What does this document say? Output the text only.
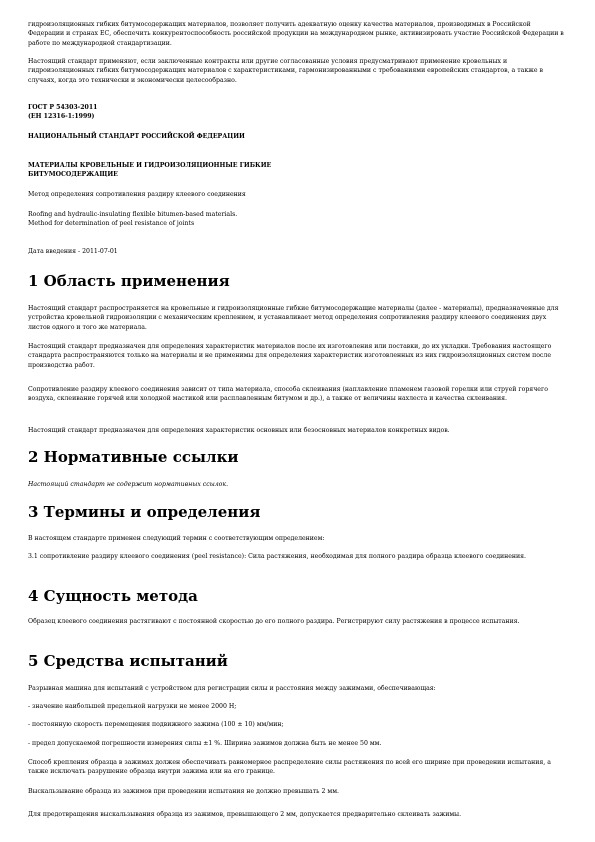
гидроизоляционных гибких битумосодержащих материалов, позволяет получить адекватную оценку качества материалов, производимых в Российской Федерации и странах ЕС, обеспечить конкурентоспособность российской продукции на международном рынке, активизировать участие Российской Федерации в работе по международной стандартизации.

Настоящий стандарт применяют, если заключенные контракты или другие согласованные условия предусматривают применение кровельных и гидроизоляционных гибких битумосодержащих материалов с характеристиками, гармонизированными с требованиями европейских стандартов, а также в случаях, когда это технически и экономически целесообразно.

ГОСТ Р 54303-2011

(ЕН 12316-1:1999)

НАЦИОНАЛЬНЫЙ СТАНДАРТ РОССИЙСКОЙ ФЕДЕРАЦИИ

МАТЕРИАЛЫ КРОВЕЛЬНЫЕ И ГИДРОИЗОЛЯЦИОННЫЕ ГИБКИЕ

БИТУМОСОДЕРЖАЩИЕ

Метод определения сопротивления раздиру клеевого соединения

Roofing and hydraulic-insulating flexible bitumen-based materials.

Method for determination of peel resistance of joints

Дата введения - 2011-07-01

1 Область применения

Настоящий стандарт распространяется на кровельные и гидроизоляционные гибкие битумосодержащие материалы (далее - материалы), предназначенные для устройства кровельной гидроизоляции с механическим креплением, и устанавливает метод определения сопротивления раздиру клеевого соединения двух листов одного и того же материала.

Настоящий стандарт предназначен для определения характеристик материалов после их изготовления или поставки, до их укладки. Требования настоящего стандарта распространяются только на материалы и не применимы для определения характеристик изготовленных из них гидроизоляционных систем после производства работ.

Сопротивление раздиру клеевого соединения зависит от типа материала, способа склеивания (наплавление пламенем газовой горелки или струей горячего воздуха, склеивание горячей или холодной мастикой или расплавленным битумом и др.), а также от величины нахлеста и качества склеивания.

Настоящий стандарт предназначен для определения характеристик основных или безосновных материалов конкретных видов.

2 Нормативные ссылки

Настоящий стандарт не содержит нормативных ссылок.

3 Термины и определения

В настоящем стандарте применен следующий термин с соответствующим определением:

3.1 сопротивление раздиру клеевого соединения (peel resistance): Сила растяжения, необходимая для полного раздира образца клеевого соединения.

4 Сущность метода

Образец клеевого соединения растягивают с постоянной скоростью до его полного раздира. Регистрируют силу растяжения в процессе испытания.

5 Средства испытаний

Разрывная машина для испытаний с устройством для регистрации силы и расстояния между зажимами, обеспечивающая:

- значение наибольшей предельной нагрузки не менее 2000 Н;

- постоянную скорость перемещения подвижного зажима (100 ± 10) мм/мин;

- предел допускаемой погрешности измерения силы ±1 %. Ширина зажимов должна быть не менее 50 мм.

Способ крепления образца в зажимах должен обеспечивать равномерное распределение силы растяжения по всей его ширине при проведении испытания, а также исключать разрушение образца внутри зажима или на его границе.

Выскальзывание образца из зажимов при проведении испытания не должно превышать 2 мм.

Для предотвращения выскальзывания образца из зажимов, превышающего 2 мм, допускается предварительно склеивать зажимы.
